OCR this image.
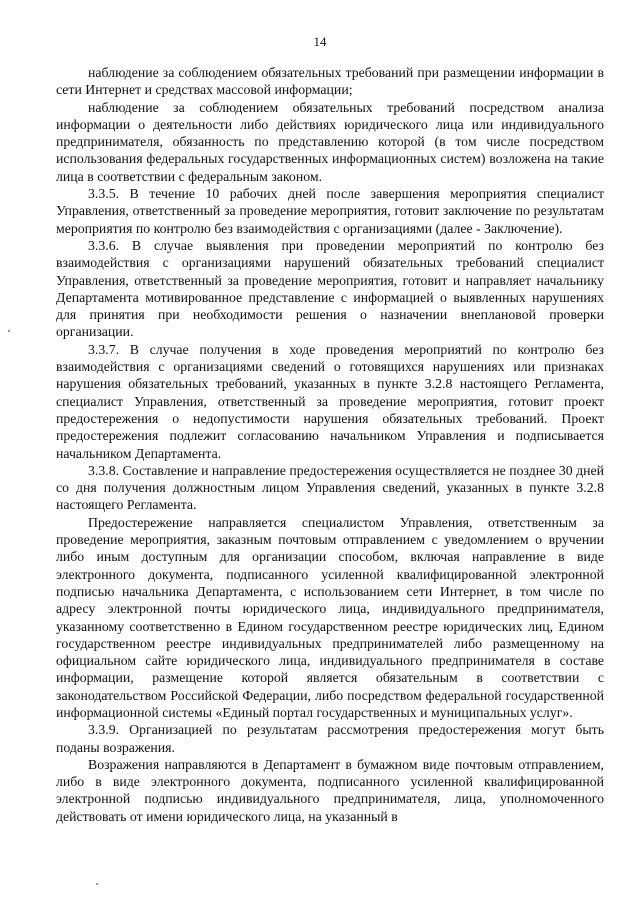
14

наблюдение за соблюдением обязательных требований при размещении информации в сети Интернет и средствах массовой информации;

наблюдение за соблюдением обязательных требований посредством анализа информации о деятельности либо действиях юридического лица или индивидуального предпринимателя, обязанность по представлению которой (в том числе посредством использования федеральных государственных информационных систем) возложена на такие лица в соответствии с федеральным законом.

3.3.5. В течение 10 рабочих дней после завершения мероприятия специалист Управления, ответственный за проведение мероприятия, готовит заключение по результатам мероприятия по контролю без взаимодействия с организациями (далее - Заключение).

3.3.6. В случае выявления при проведении мероприятий по контролю без взаимодействия с организациями нарушений обязательных требований специалист Управления, ответственный за проведение мероприятия, готовит и направляет начальнику Департамента мотивированное представление с информацией о выявленных нарушениях для принятия при необходимости решения о назначении внеплановой проверки организации.

3.3.7. В случае получения в ходе проведения мероприятий по контролю без взаимодействия с организациями сведений о готовящихся нарушениях или признаках нарушения обязательных требований, указанных в пункте 3.2.8 настоящего Регламента, специалист Управления, ответственный за проведение мероприятия, готовит проект предостережения о недопустимости нарушения обязательных требований. Проект предостережения подлежит согласованию начальником Управления и подписывается начальником Департамента.

3.3.8. Составление и направление предостережения осуществляется не позднее 30 дней со дня получения должностным лицом Управления сведений, указанных в пункте 3.2.8 настоящего Регламента.

Предостережение направляется специалистом Управления, ответственным за проведение мероприятия, заказным почтовым отправлением с уведомлением о вручении либо иным доступным для организации способом, включая направление в виде электронного документа, подписанного усиленной квалифицированной электронной подписью начальника Департамента, с использованием сети Интернет, в том числе по адресу электронной почты юридического лица, индивидуального предпринимателя, указанному соответственно в Едином государственном реестре юридических лиц, Едином государственном реестре индивидуальных предпринимателей либо размещенному на официальном сайте юридического лица, индивидуального предпринимателя в составе информации, размещение которой является обязательным в соответствии с законодательством Российской Федерации, либо посредством федеральной государственной информационной системы «Единый портал государственных и муниципальных услуг».

3.3.9. Организацией по результатам рассмотрения предостережения могут быть поданы возражения.

Возражения направляются в Департамент в бумажном виде почтовым отправлением, либо в виде электронного документа, подписанного усиленной квалифицированной электронной подписью индивидуального предпринимателя, лица, уполномоченного действовать от имени юридического лица, на указанный в
